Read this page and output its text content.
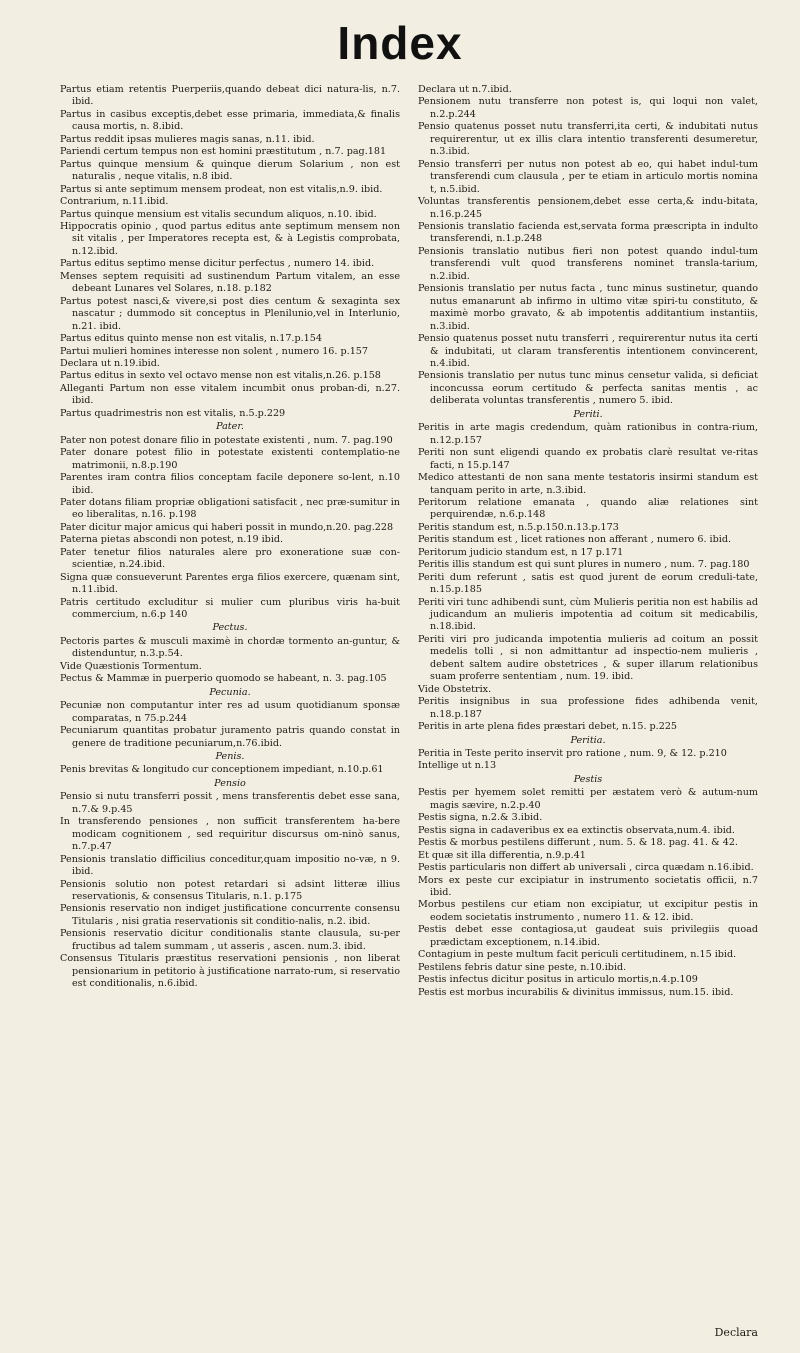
Index
Partus etiam retentis Puerperiis,quando debeat dici natura-lis, n.7. ibid.
Partus in casibus exceptis,debet esse primaria, immediata,& finalis causa mortis, n. 8.ibid.
Partus reddit ipsas mulieres magis sanas, n.11. ibid.
Pariendi certum tempus non est homini præstitutum , n.7. pag.181
Partus quinque mensium & quinque dierum Solarium , non est naturalis , neque vitalis, n.8 ibid.
Partus si ante septimum mensem prodeat, non est vitalis,n.9. ibid.
Contrarium, n.11.ibid.
Partus quinque mensium est vitalis secundum aliquos, n.10. ibid.
Hippocratis opinio , quod partus editus ante septimum mensem non sit vitalis , per Imperatores recepta est, & à Legistis comprobata, n.12.ibid.
Partus editus septimo mense dicitur perfectus , numero 14. ibid.
Menses septem requisiti ad sustinendum Partum vitalem, an esse debeant Lunares vel Solares, n.18. p.182
Partus potest nasci,& vivere,si post dies centum & sexaginta sex nascatur ; dummodo sit conceptus in Plenilunio,vel in Interlunio, n.21. ibid.
Partus editus quinto mense non est vitalis, n.17.p.154
Partui mulieri homines interesse non solent , numero 16. p.157
Declara ut n.19.ibid.
Partus editus in sexto vel octavo mense non est vitalis,n.26. p.158
Alleganti Partum non esse vitalem incumbit onus proban-di, n.27. ibid.
Partus quadrimestris non est vitalis, n.5.p.229
Pater.
Pater non potest donare filio in potestate existenti , num. 7. pag.190
Pater donare potest filio in potestate existenti contemplatio-ne matrimonii, n.8.p.190
Parentes iram contra filios conceptam facile deponere so-lent, n.10 ibid.
Pater dotans filiam propriæ obligationi satisfacit , nec præ-sumitur in eo liberalitas, n.16. p.198
Pater dicitur major amicus qui haberi possit in mundo,n.20. pag.228
Paterna pietas abscondi non potest, n.19 ibid.
Pater tenetur filios naturales alere pro exoneratione suæ con-scientiæ, n.24.ibid.
Signa quæ consueverunt Parentes erga filios exercere, quænam sint, n.11.ibid.
Patris certitudo excluditur si mulier cum pluribus viris ha-buit commercium, n.6.p 140
Pectus.
Pectoris partes & musculi maximè in chordæ tormento an-guntur, & distenduntur, n.3.p.54.
Vide Quæstionis Tormentum.
Pectus & Mammæ in puerperio quomodo se habeant, n. 3. pag.105
Pecunia.
Pecuniæ non computantur inter res ad usum quotidianum sponsæ comparatas, n 75.p.244
Pecuniarum quantitas probatur juramento patris quando constat in genere de traditione pecuniarum,n.76.ibid.
Penis.
Penis brevitas & longitudo cur conceptionem impediant, n.10.p.61
Pensio
Pensio si nutu transferri possit , mens transferentis debet esse sana, n.7.& 9.p.45
In transferendo pensiones , non sufficit transferentem ha-bere modicam cognitionem , sed requiritur discursus om-ninò sanus, n.7.p.47
Pensionis translatio difficilius conceditur,quam impositio no-væ, n 9. ibid.
Pensionis solutio non potest retardari si adsint litteræ illius reservationis, & consensus Titularis, n.1. p.175
Pensionis reservatio non indiget justificatione concurrente consensu Titularis , nisi gratia reservationis sit conditio-nalis, n.2. ibid.
Pensionis reservatio dicitur conditionalis stante clausula, su-per fructibus ad talem summam , ut asseris , ascen. num.3. ibid.
Consensus Titularis præstitus reservationi pensionis , non liberat pensionarium in petitorio à justificatione narrato-rum, si reservatio est conditionalis, n.6.ibid.
Declara ut n.7.ibid.
Pensionem nutu transferre non potest is, qui loqui non valet, n.2.p.244
Pensio quatenus posset nutu transferri,ita certi, & indubitati nutus requirerentur, ut ex illis clara intentio transferenti desumeretur, n.3.ibid.
Pensio transferri per nutus non potest ab eo, qui habet indul-tum transferendi cum clausula , per te etiam in articulo mortis nomina t, n.5.ibid.
Voluntas transferentis pensionem,debet esse certa,& indu-bitata, n.16.p.245
Pensionis translatio facienda est,servata forma præscripta in indulto transferendi, n.1.p.248
Pensionis translatio nutibus fieri non potest quando indul-tum transferendi vult quod transferens nominet transla-tarium, n.2.ibid.
Pensionis translatio per nutus facta , tunc minus sustinetur, quando nutus emanarunt ab infirmo in ultimo vitæ spiri-tu constituto, & maximè morbo gravato, & ab impotentis additantium instantiis, n.3.ibid.
Pensio quatenus posset nutu transferri , requirerentur nutus ita certi & indubitati, ut claram transferentis intentionem convincerent, n.4.ibid.
Pensionis translatio per nutus tunc minus censetur valida, si deficiat inconcussa eorum certitudo & perfecta sanitas mentis , ac deliberata voluntas transferentis , numero 5. ibid.
Periti.
Peritis in arte magis credendum, quàm rationibus in contra-rium, n.12.p.157
Periti non sunt eligendi quando ex probatis clarè resultat ve-ritas facti, n 15.p.147
Medico attestanti de non sana mente testatoris insirmi standum est tanquam perito in arte, n.3.ibid.
Peritorum relatione emanata , quando aliæ relationes sint perquirendæ, n.6.p.148
Peritis standum est, n.5.p.150.n.13.p.173
Peritis standum est , licet rationes non afferant , numero 6. ibid.
Peritorum judicio standum est, n 17 p.171
Peritis illis standum est qui sunt plures in numero , num. 7. pag.180
Periti dum referunt , satis est quod jurent de eorum creduli-tate, n.15.p.185
Periti viri tunc adhibendi sunt, cùm Mulieris peritia non est habilis ad judicandum an mulieris impotentia ad coitum sit medicabilis, n.18.ibid.
Periti viri pro judicanda impotentia mulieris ad coitum an possit medelis tolli , si non admittantur ad inspectio-nem mulieris , debent saltem audire obstetrices , & super illarum relationibus suam proferre sententiam , num. 19. ibid.
Vide Obstetrix.
Peritis insignibus in sua professione fides adhibenda venit, n.18.p.187
Peritis in arte plena fides præstari debet, n.15. p.225
Peritia.
Peritia in Teste perito inservit pro ratione , num. 9, & 12. p.210
Intellige ut n.13
Pestis
Pestis per hyemem solet remitti per æstatem verò & autum-num magis sævire, n.2.p.40
Pestis signa, n.2.& 3.ibid.
Pestis signa in cadaveribus ex ea extinctis observata,num.4. ibid.
Pestis & morbus pestilens differunt , num. 5. & 18. pag. 41. & 42.
Et quæ sit illa differentia, n.9.p.41
Pestis particularis non differt ab universali , circa quædam n.16.ibid.
Mors ex peste cur excipiatur in instrumento societatis officii, n.7 ibid.
Morbus pestilens cur etiam non excipiatur, ut excipitur pestis in eodem societatis instrumento , numero 11. & 12. ibid.
Pestis debet esse contagiosa,ut gaudeat suis privilegiis quoad prædictam exceptionem, n.14.ibid.
Contagium in peste multum facit periculi certitudinem, n.15 ibid.
Pestilens febris datur sine peste, n.10.ibid.
Pestis infectus dicitur positus in articulo mortis,n.4.p.109
Pestis est morbus incurabilis & divinitus immissus, num.15. ibid.
Declara
